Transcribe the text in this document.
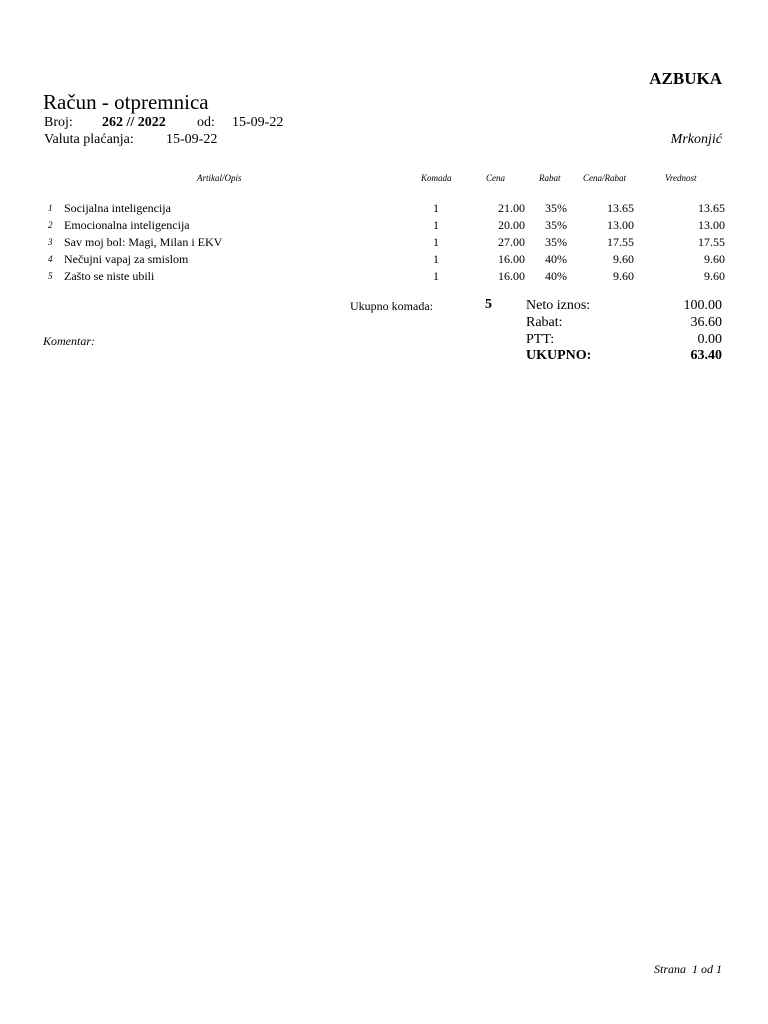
AZBUKA
Račun - otpremnica
Broj: 262 // 2022 od: 15-09-22
Valuta plaćanja: 15-09-22	Mrkonjić
Artikal/Opis	Komada	Cena	Rabat	Cena/Rabat	Vrednost
1 Socijalna inteligencija	1	21.00 35%	13.65	13.65
2 Emocionalna inteligencija	1	20.00 35%	13.00	13.00
3 Sav moj bol: Magi, Milan i EKV	1	27.00 35%	17.55	17.55
4 Nečujni vapaj za smislom	1	16.00 40%	9.60	9.60
5 Zašto se niste ubili	1	16.00 40%	9.60	9.60
Ukupno komada:	5 Neto iznos:	100.00
Rabat:	36.60
Komentar:	PTT:	0.00
UKUPNO:	63.40
Strana 1 od 1
